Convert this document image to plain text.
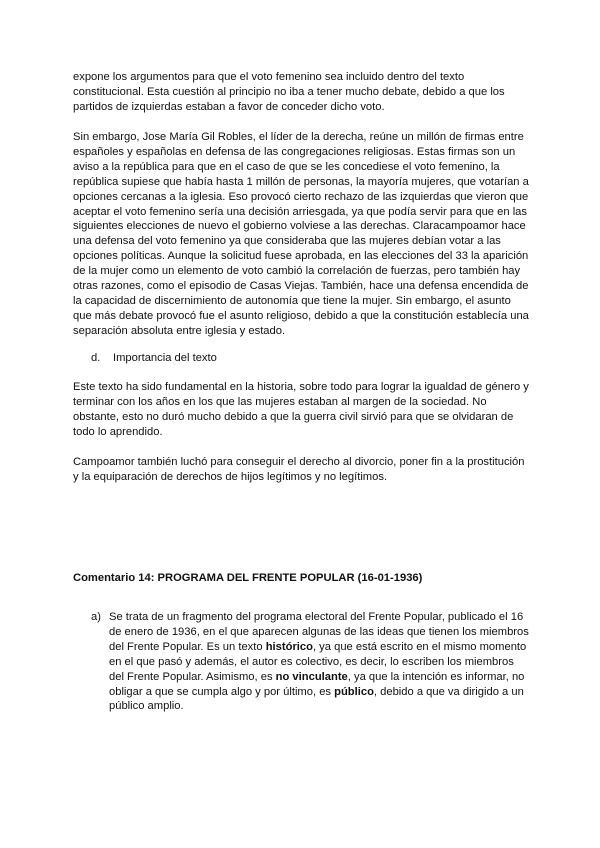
expone los argumentos para que el voto femenino sea incluido dentro del texto
constitucional. Esta cuestión al principio no iba a tener mucho debate, debido a que los
partidos de izquierdas estaban a favor de conceder dicho voto.
Sin embargo, Jose María Gil Robles, el líder de la derecha, reúne un millón de firmas entre
españoles y españolas en defensa de las congregaciones religiosas. Estas firmas son un
aviso a la república para que en el caso de que se les concediese el voto femenino, la
república supiese que había hasta 1 millón de personas, la mayoría mujeres, que votarían a
opciones cercanas a la iglesia. Eso provocó cierto rechazo de las izquierdas que vieron que
aceptar el voto femenino sería una decisión arriesgada, ya que podía servir para que en las
siguientes elecciones de nuevo el gobierno volviese a las derechas. Claracampoamor hace
una defensa del voto femenino ya que consideraba que las mujeres debían votar a las
opciones políticas. Aunque la solicitud fuese aprobada, en las elecciones del 33 la aparición
de la mujer como un elemento de voto cambió la correlación de fuerzas, pero también hay
otras razones, como el episodio de Casas Viejas. También, hace una defensa encendida de
la capacidad de discernimiento de autonomía que tiene la mujer. Sin embargo, el asunto
que más debate provocó fue el asunto religioso, debido a que la constitución establecía una
separación absoluta entre iglesia y estado.
d. Importancia del texto
Este texto ha sido fundamental en la historia, sobre todo para lograr la igualdad de género y
terminar con los años en los que las mujeres estaban al margen de la sociedad. No
obstante, esto no duró mucho debido a que la guerra civil sirvió para que se olvidaran de
todo lo aprendido.
Campoamor también luchó para conseguir el derecho al divorcio, poner fin a la prostitución
y la equiparación de derechos de hijos legítimos y no legítimos.
Comentario 14: PROGRAMA DEL FRENTE POPULAR (16-01-1936)
a) Se trata de un fragmento del programa electoral del Frente Popular, publicado el 16
de enero de 1936, en el que aparecen algunas de las ideas que tienen los miembros
del Frente Popular. Es un texto histórico, ya que está escrito en el mismo momento
en el que pasó y además, el autor es colectivo, es decir, lo escriben los miembros
del Frente Popular. Asimismo, es no vinculante, ya que la intención es informar, no
obligar a que se cumpla algo y por último, es público, debido a que va dirigido a un
público amplio.
